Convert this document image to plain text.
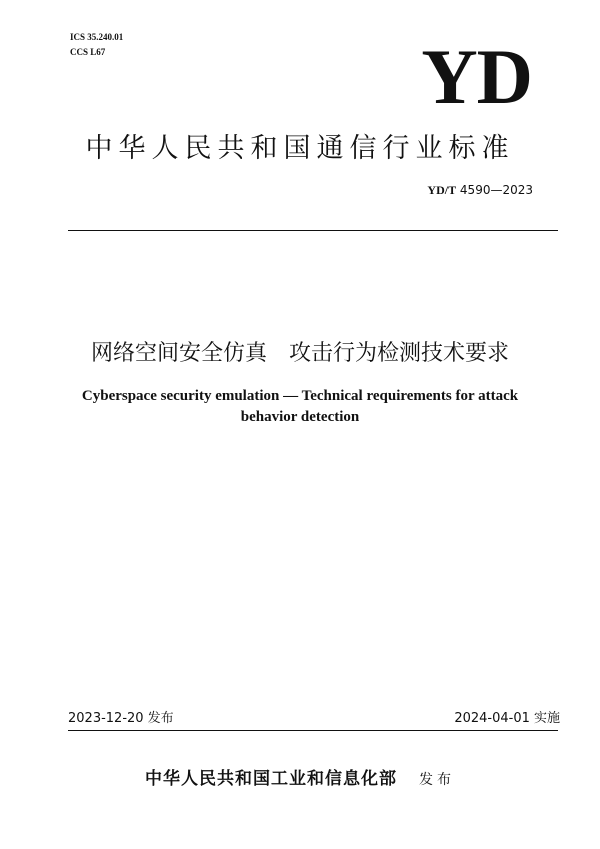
ICS 35.240.01
CCS L67	YD
中华人民共和国通信行业标准
YD/T 4590—2023
网络空间安全仿真　攻击行为检测技术要求
Cyberspace security emulation — Technical requirements for attack
behavior detection
2023-12-20 发布	2024-04-01 实施
中华人民共和国工业和信息化部 发布
